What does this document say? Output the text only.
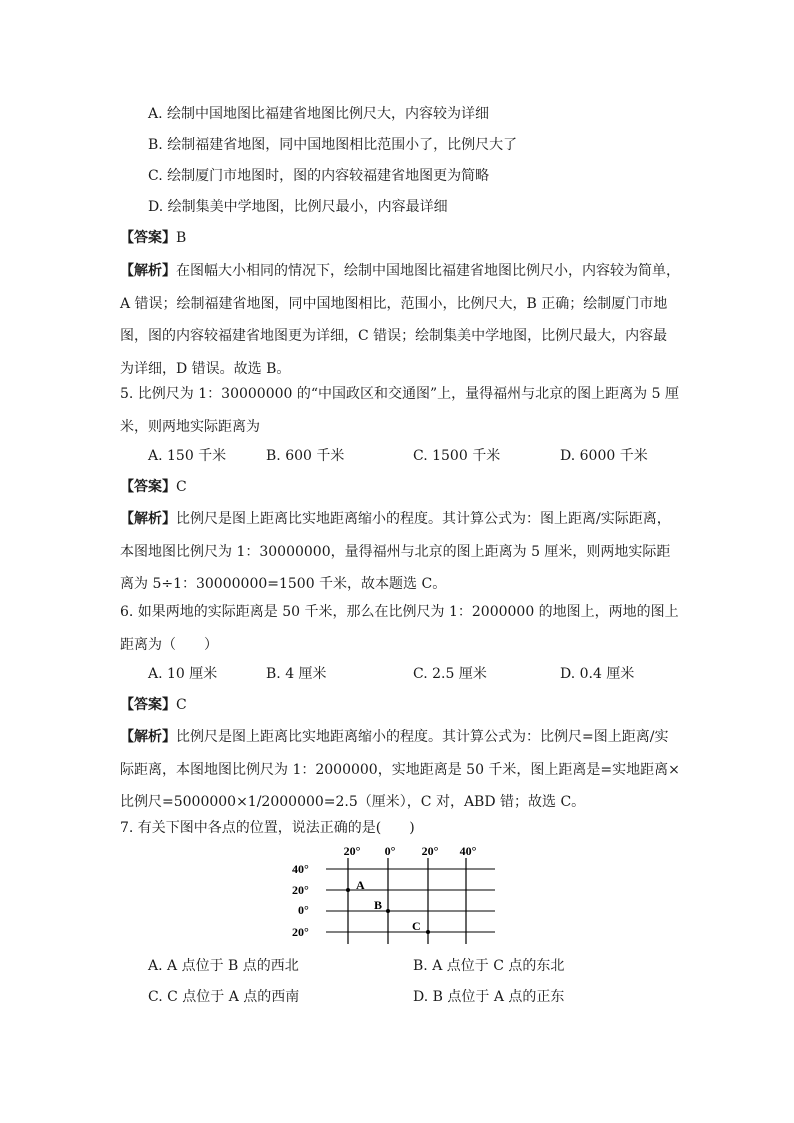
A. 绘制中国地图比福建省地图比例尺大，内容较为详细
B. 绘制福建省地图，同中国地图相比范围小了，比例尺大了
C. 绘制厦门市地图时，图的内容较福建省地图更为简略
D. 绘制集美中学地图，比例尺最小，内容最详细
【答案】B
【解析】在图幅大小相同的情况下，绘制中国地图比福建省地图比例尺小，内容较为简单，A 错误；绘制福建省地图，同中国地图相比，范围小，比例尺大，B 正确；绘制厦门市地图，图的内容较福建省地图更为详细，C 错误；绘制集美中学地图，比例尺最大，内容最为详细，D 错误。故选 B。
5. 比例尺为 1：30000000 的“中国政区和交通图”上，量得福州与北京的图上距离为 5 厘米，则两地实际距离为
A. 150 千米	B. 600 千米	C. 1500 千米	D. 6000 千米
【答案】C
【解析】比例尺是图上距离比实地距离缩小的程度。其计算公式为：图上距离/实际距离，本图地图比例尺为 1：30000000，量得福州与北京的图上距离为 5 厘米，则两地实际距离为 5÷1：30000000=1500 千米，故本题选 C。
6. 如果两地的实际距离是 50 千米，那么在比例尺为 1：2000000 的地图上，两地的图上距离为（　　）
A. 10 厘米	B. 4 厘米	C. 2.5 厘米	D. 0.4 厘米
【答案】C
【解析】比例尺是图上距离比实地距离缩小的程度。其计算公式为：比例尺=图上距离/实际距离，本图地图比例尺为 1：2000000，实地距离是 50 千米，图上距离是=实地距离×比例尺=5000000×1/2000000=2.5（厘米），C 对，ABD 错；故选 C。
7. 有关下图中各点的位置，说法正确的是(　　)
20° 0° 20° 40°
40°
20°
0°
20°
A
B
C
A. A 点位于 B 点的西北	B. A 点位于 C 点的东北
C. C 点位于 A 点的西南	D. B 点位于 A 点的正东
